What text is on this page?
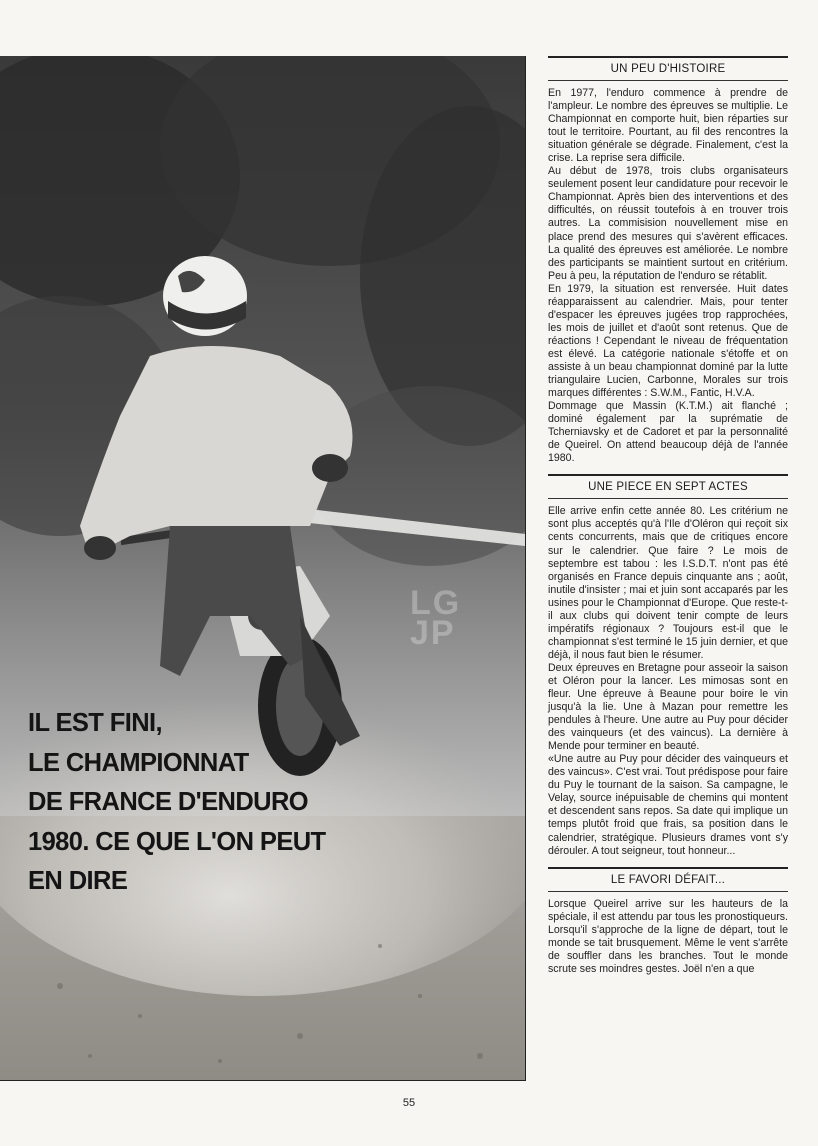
LG
JP
IL EST FINI,
LE CHAMPIONNAT
DE FRANCE D'ENDURO
1980. CE QUE L'ON PEUT
EN DIRE
UN PEU D'HISTOIRE

En 1977, l'enduro commence à prendre de l'ampleur. Le nombre des épreuves se multiplie. Le Championnat en comporte huit, bien réparties sur tout le territoire. Pourtant, au fil des rencontres la situation générale se dégrade. Finalement, c'est la crise. La reprise sera difficile.

Au début de 1978, trois clubs organisateurs seulement posent leur candidature pour recevoir le Championnat. Après bien des interventions et des difficultés, on réussit toutefois à en trouver trois autres. La commisision nouvellement mise en place prend des mesures qui s'avèrent efficaces. La qualité des épreuves est améliorée. Le nombre des participants se maintient surtout en critérium. Peu à peu, la réputation de l'enduro se rétablit.

En 1979, la situation est renversée. Huit dates réapparaissent au calendrier. Mais, pour tenter d'espacer les épreuves jugées trop rapprochées, les mois de juillet et d'août sont retenus. Que de réactions ! Cependant le niveau de fréquentation est élevé. La catégorie nationale s'étoffe et on assiste à un beau championnat dominé par la lutte triangulaire Lucien, Carbonne, Morales sur trois marques différentes : S.W.M., Fantic, H.V.A.

Dommage que Massin (K.T.M.) ait flanché ; dominé également par la suprématie de Tcherniavsky et de Cadoret et par la personnalité de Queirel. On attend beaucoup déjà de l'année 1980.

UNE PIECE EN SEPT ACTES

Elle arrive enfin cette année 80. Les critérium ne sont plus acceptés qu'à l'Ile d'Oléron qui reçoit six cents concurrents, mais que de critiques encore sur le calendrier. Que faire ? Le mois de septembre est tabou : les I.S.D.T. n'ont pas été organisés en France depuis cinquante ans ; août, inutile d'insister ; mai et juin sont accaparés par les usines pour le Championnat d'Europe. Que reste-t-il aux clubs qui doivent tenir compte de leurs impératifs régionaux ? Toujours est-il que le championnat s'est terminé le 15 juin dernier, et que déjà, il nous faut bien le résumer.

Deux épreuves en Bretagne pour asseoir la saison et Oléron pour la lancer. Les mimosas sont en fleur. Une épreuve à Beaune pour boire le vin jusqu'à la lie. Une à Mazan pour remettre les pendules à l'heure. Une autre au Puy pour décider des vainqueurs (et des vaincus). La dernière à Mende pour terminer en beauté.

«Une autre au Puy pour décider des vainqueurs et des vaincus». C'est vrai. Tout prédispose pour faire du Puy le tournant de la saison. Sa campagne, le Velay, source inépuisable de chemins qui montent et descendent sans repos. Sa date qui implique un temps plutôt froid que frais, sa position dans le calendrier, stratégique. Plusieurs drames vont s'y dérouler. A tout seigneur, tout honneur...

LE FAVORI DÉFAIT...

Lorsque Queirel arrive sur les hauteurs de la spéciale, il est attendu par tous les pronostiqueurs. Lorsqu'il s'approche de la ligne de départ, tout le monde se tait brusquement. Même le vent s'arrête de souffler dans les branches. Tout le monde scrute ses moindres gestes. Joël n'en a que

55
